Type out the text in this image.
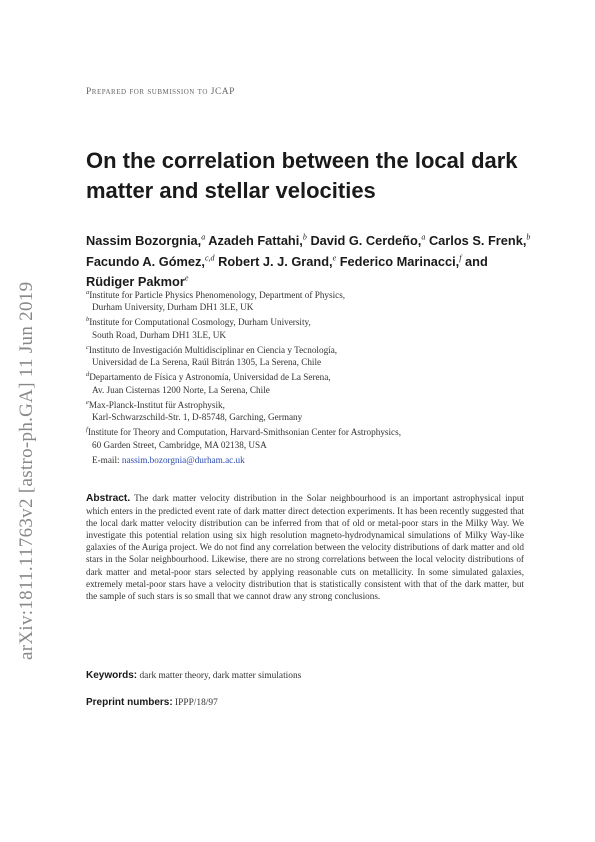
arXiv:1811.11763v2 [astro-ph.GA] 11 Jun 2019
Prepared for submission to JCAP
On the correlation between the local dark matter and stellar velocities
Nassim Bozorgnia,$^a$ Azadeh Fattahi,$^b$ David G. Cerdeño,$^a$ Carlos S. Frenk,$^b$ Facundo A. Gómez,$^{c,d}$ Robert J. J. Grand,$^e$ Federico Marinacci,$^f$ and Rüdiger Pakmor$^e$
$^a$Institute for Particle Physics Phenomenology, Department of Physics,
Durham University, Durham DH1 3LE, UK
$^b$Institute for Computational Cosmology, Durham University,
South Road, Durham DH1 3LE, UK
$^c$Instituto de Investigación Multidisciplinar en Ciencia y Tecnología,
Universidad de La Serena, Raúl Bitrán 1305, La Serena, Chile
$^d$Departamento de Física y Astronomía, Universidad de La Serena,
Av. Juan Cisternas 1200 Norte, La Serena, Chile
$^e$Max-Planck-Institut für Astrophysik,
Karl-Schwarzschild-Str. 1, D-85748, Garching, Germany
$^f$Institute for Theory and Computation, Harvard-Smithsonian Center for Astrophysics,
60 Garden Street, Cambridge, MA 02138, USA
E-mail: nassim.bozorgnia@durham.ac.uk
Abstract. The dark matter velocity distribution in the Solar neighbourhood is an important astrophysical input which enters in the predicted event rate of dark matter direct detection experiments. It has been recently suggested that the local dark matter velocity distribution can be inferred from that of old or metal-poor stars in the Milky Way. We investigate this potential relation using six high resolution magneto-hydrodynamical simulations of Milky Way-like galaxies of the Auriga project. We do not find any correlation between the velocity distributions of dark matter and old stars in the Solar neighbourhood. Likewise, there are no strong correlations between the local velocity distributions of dark matter and metal-poor stars selected by applying reasonable cuts on metallicity. In some simulated galaxies, extremely metal-poor stars have a velocity distribution that is statistically consistent with that of the dark matter, but the sample of such stars is so small that we cannot draw any strong conclusions.
Keywords: dark matter theory, dark matter simulations
Preprint numbers: IPPP/18/97
